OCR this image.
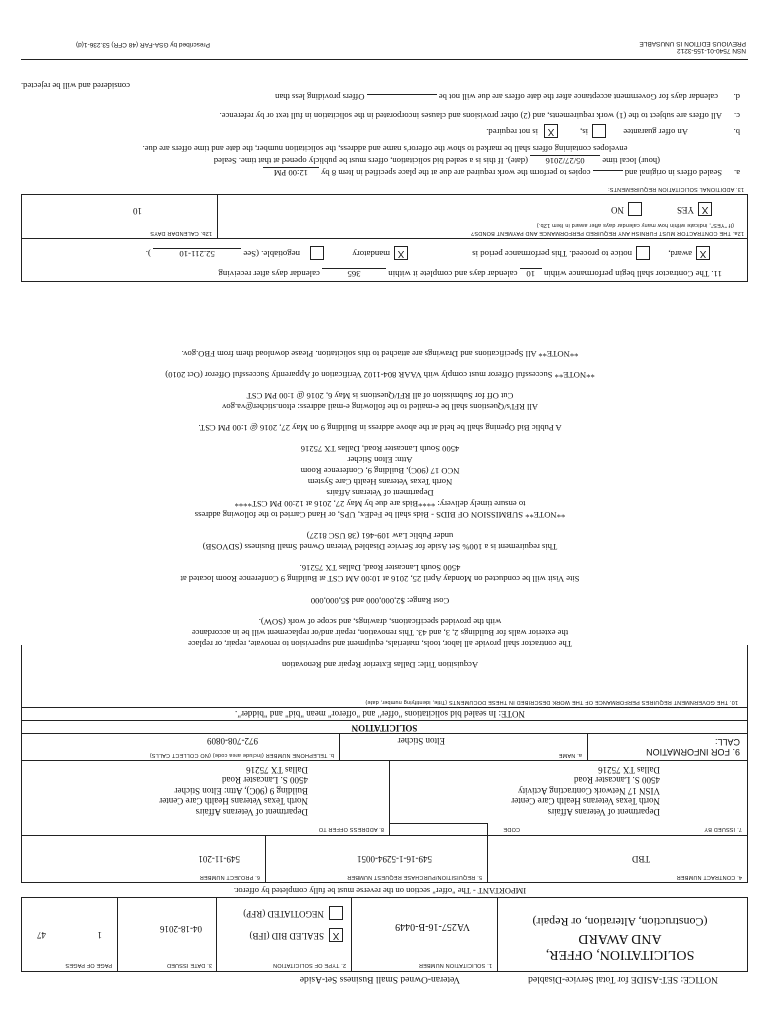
NOTICE: SET-ASIDE for Total Service-Disabled
Veteran-Owned Small Business Set-Aside
SOLICITATION, OFFER,
AND AWARD
(Construction, Alteration, or Repair)
1. SOLICITATION NUMBER
VA257-16-B-0449
2. TYPE OF SOLICITATION
X
SEALED BID (IFB)
NEGOTIATED (RFP)
3. DATE ISSUED
04-18-2016
PAGE OF PAGES
1
47
IMPORTANT - The "offer" section on the reverse must be fully completed by offeror.
4. CONTRACT NUMBER
TBD
5. REQUISITION/PURCHASE REQUEST NUMBER
549-16-1-5294-0051
6. PROJECT NUMBER
549-11-201
7. ISSUED BY
CODE
Department of Veterans Affairs
North Texas Veterans Health Care Center
VISN 17 Network Contracting Activity
4500 S. Lancaster Road
Dallas TX 75216
8. ADDRESS OFFER TO
Department of Veterans Affairs
North Texas Veterans Health Care Center
Building 9 (90C), Attn: Elton Sticher
4500 S. Lancaster Road
Dallas TX 75216
9. FOR INFORMATION
CALL:
a. NAME
Elton Sticher
b. TELEPHONE NUMBER (Include area code) (NO COLLECT CALLS)
972-708-0809
SOLICITATION
NOTE: In sealed bid solicitations "offer" and "offeror" mean "bid" and "bidder".
10. THE GOVERNMENT REQUIRES PERFORMANCE OF THE WORK DESCRIBED IN THESE DOCUMENTS (Title, identifying number, date)
Acquisition Title: Dallas Exterior Repair and Renovation
The contractor shall provide all labor, tools, materials, equipment and supervision to renovate, repair, or replace
the exterior walls for Buildings 2, 3, and 43. This renovation, repair and/or replacement will be in accordance
with the provided specifications, drawings, and scope of work (SOW).
Cost Range: $2,000,000 and $5,000,000
Site Visit will be conducted on Monday April 25, 2016 at 10:00 AM CST at Building 9 Conference Room located at
4500 South Lancaster Road, Dallas TX 75216.
This requirement is a 100% Set Aside for Service Disabled Veteran Owned Small Business (SDVOSB)
under Public Law 109-461 (38 USC 8127)
**NOTE** SUBMISSION OF BIDS - Bids shall be FedEx, UPS, or Hand Carried to the following address
to ensure timely delivery: ****Bids are due by May 27, 2016 at 12:00 PM CST****
Department of Veterans Affairs
North Texas Veterans Health Care System
NCO 17 (90C), Building 9, Conference Room
Attn: Elton Sticher
4500 South Lancaster Road, Dallas TX 75216
A Public Bid Opening shall be held at the above address in Building 9 on May 27, 2016 @ 1:00 PM CST.
All RFI's/Questions shall be e-mailed to the following e-mail address: elton.sticher@va.gov
Cut Off for Submission of all RFI/Questions is May 6, 2016 @ 1:00 PM CST
**NOTE** Successful Offeror must comply with VAAR 804-1102 Verification of Apparently Successful Offeror (Oct 2010)
**NOTE** All Specifications and Drawings are attached to this solicitation. Please download them from FBO.gov.
11. The Contractor shall begin performance within 10 calendar days and complete it within 365 calendar days after receiving
X
award,
notice to proceed. This performance period is
X
mandatory
negotiable. (See 52.211-10 ).
12a. THE CONTRACTOR MUST FURNISH ANY REQUIRED PERFORMANCE AND PAYMENT BONDS?
(If "YES", indicate within how many calendar days after award in Item 12b.)
X
YES
NO
12b. CALENDAR DAYS
10
13. ADDITIONAL SOLICITATION REQUIREMENTS:
a.
Sealed offers in original and  copies to perform the work required are due at the place specified in Item 8 by 12:00 PM
(hour) local time 05/27/2016 (date). If this is a sealed bid solicitation, offers must be publicly opened at that time. Sealed
envelopes containing offers shall be marked to show the offeror's name and address, the solicitation number, the date and time offers are due.
b.
An offer guarantee
is,
X
is not required.
c.
All offers are subject to the (1) work requirements, and (2) other provisions and clauses incorporated in the solicitation in full text or by reference.
d.
calendar days for Government acceptance after the date offers are due will not be  Offers providing less than
considered and will be rejected.
NSN 7540-01-155-3212
PREVIOUS EDITION IS UNUSABLE
Prescribed by GSA-FAR (48 CFR) 53.236-1(d)
